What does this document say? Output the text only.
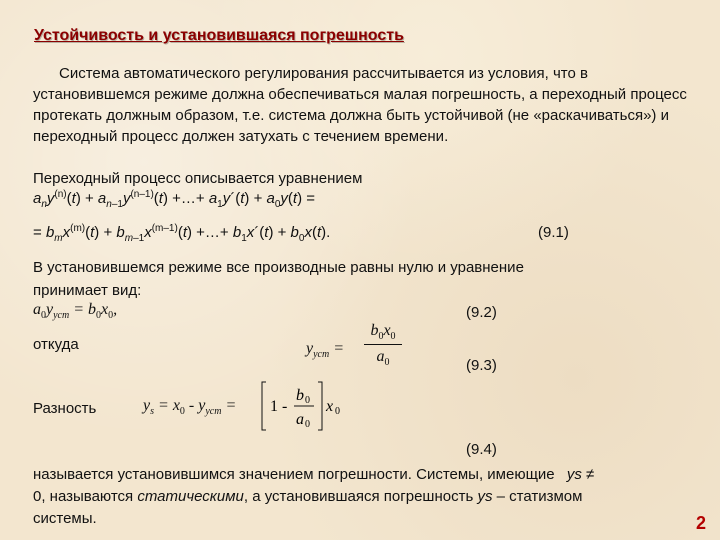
Устойчивость и установившаяся погрешность
Система автоматического регулирования рассчитывается из условия, что в установившемся режиме должна обеспечиваться малая погрешность, а переходный процесс протекать должным образом, т.е. система должна быть устойчивой (не «раскачиваться») и переходный процесс должен затухать с течением времени.
Переходный процесс описывается уравнением
$a_ny^{(n)}(t) + a_{n-1}y^{(n-1)}(t)$ +…+ $a_1y´(t) + a_0y(t)$ =
= $b_mx^{(m)}(t) + b_{m-1}x^{(m-1)}(t)$ +…+ $b_1x´(t) + b_0x(t)$.	(9.1)
В установившемся режиме все производные равны нулю и уравнение
принимает вид:
$a_0y_{уст} = b_0x_0$,	(9.2)
откуда	$y_{уст}$ =
$b_0x_0$
$a_0$	(9.3)
Разность	$y_s = x_0 - y_{уст} = 1$ -
b 0
a 0
x 0
(9.4)
называется установившимся значением погрешности. Системы, имеющие ys ≠
0, называются статическими, а установившаяся погрешность ys – статизмом
системы.	2
